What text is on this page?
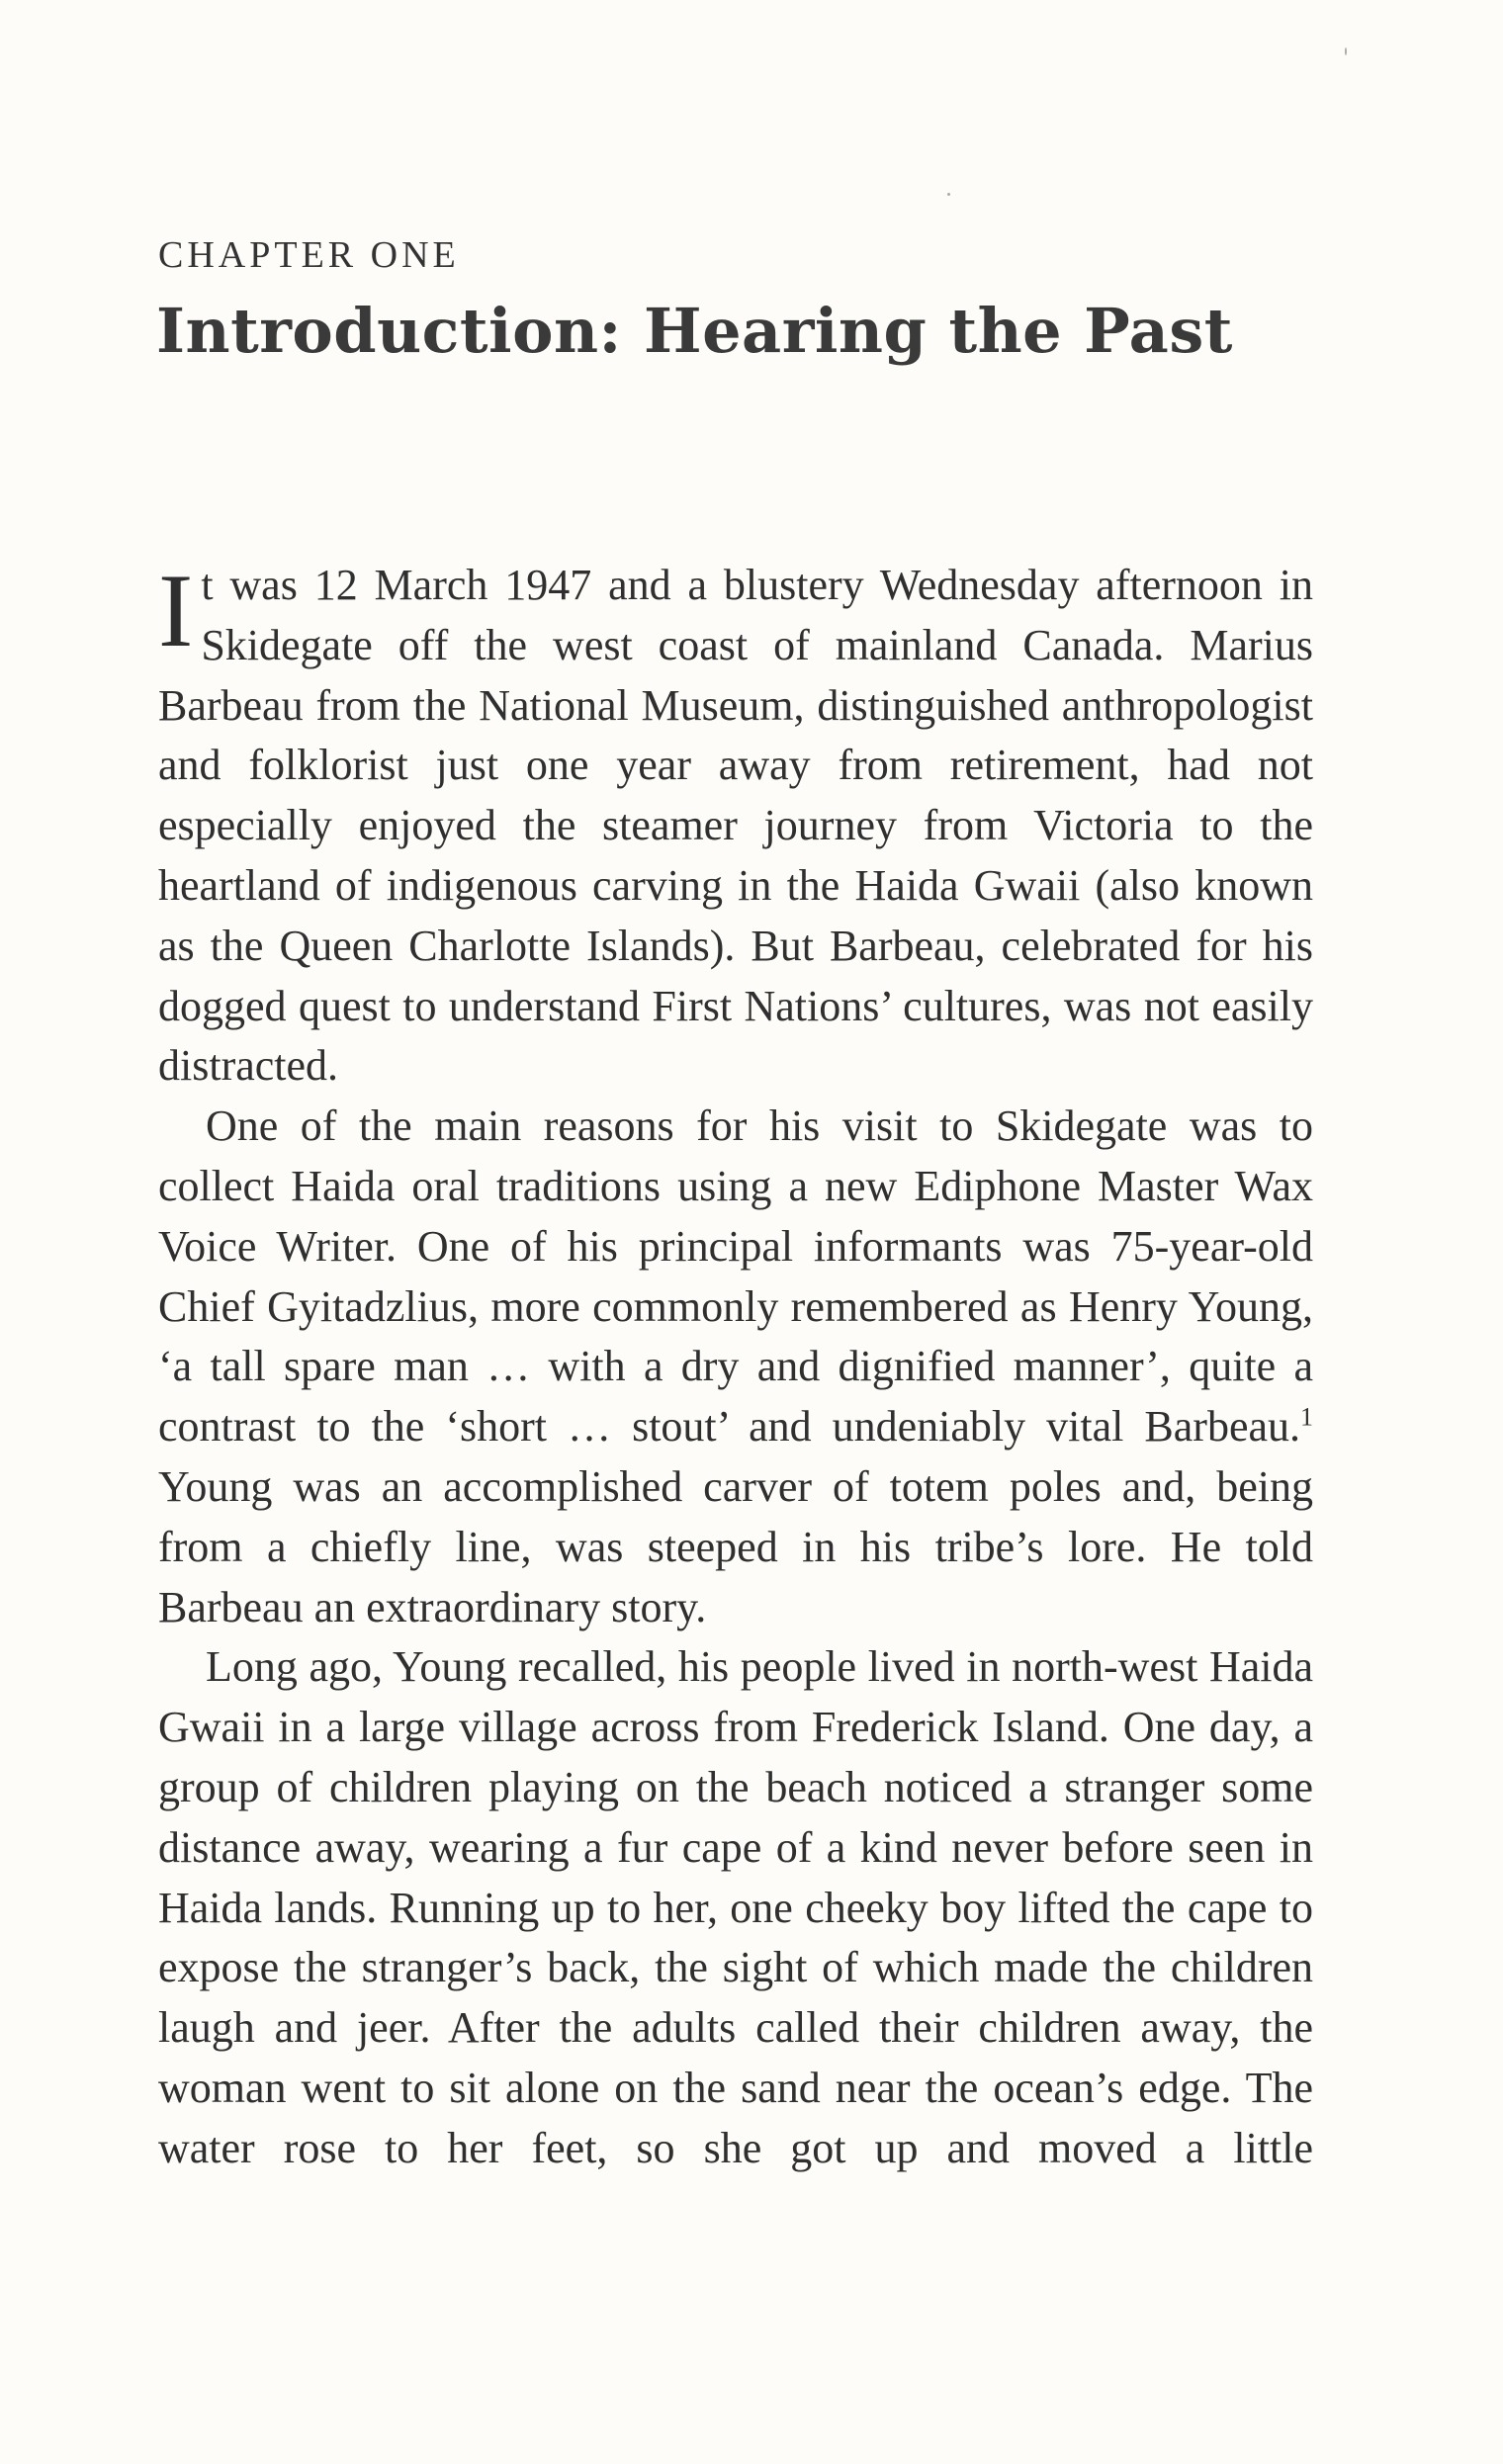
CHAPTER ONE
Introduction: Hearing the Past

It was 12 March 1947 and a blustery Wednesday afternoon in Skidegate off the west coast of mainland Canada. Marius Barbeau from the National Museum, distinguished anthropologist and folklorist just one year away from retirement, had not especially enjoyed the steamer journey from Victoria to the heartland of indigenous carving in the Haida Gwaii (also known as the Queen Charlotte Islands). But Barbeau, celebrated for his dogged quest to understand First Nations’ cultures, was not easily distracted.

One of the main reasons for his visit to Skidegate was to collect Haida oral traditions using a new Ediphone Master Wax Voice Writer. One of his principal informants was 75-year-old Chief Gyitadzlius, more commonly remembered as Henry Young, ‘a tall spare man … with a dry and dignified manner’, quite a contrast to the ‘short … stout’ and undeniably vital Barbeau.$^1$ Young was an accomplished carver of totem poles and, being from a chiefly line, was steeped in his tribe’s lore. He told Barbeau an extraordinary story.

Long ago, Young recalled, his people lived in north-west Haida Gwaii in a large village across from Frederick Island. One day, a group of children playing on the beach noticed a stranger some distance away, wearing a fur cape of a kind never before seen in Haida lands. Running up to her, one cheeky boy lifted the cape to expose the stranger’s back, the sight of which made the children laugh and jeer. After the adults called their children away, the woman went to sit alone on the sand near the ocean’s edge. The water rose to her feet, so she got up and moved a little
